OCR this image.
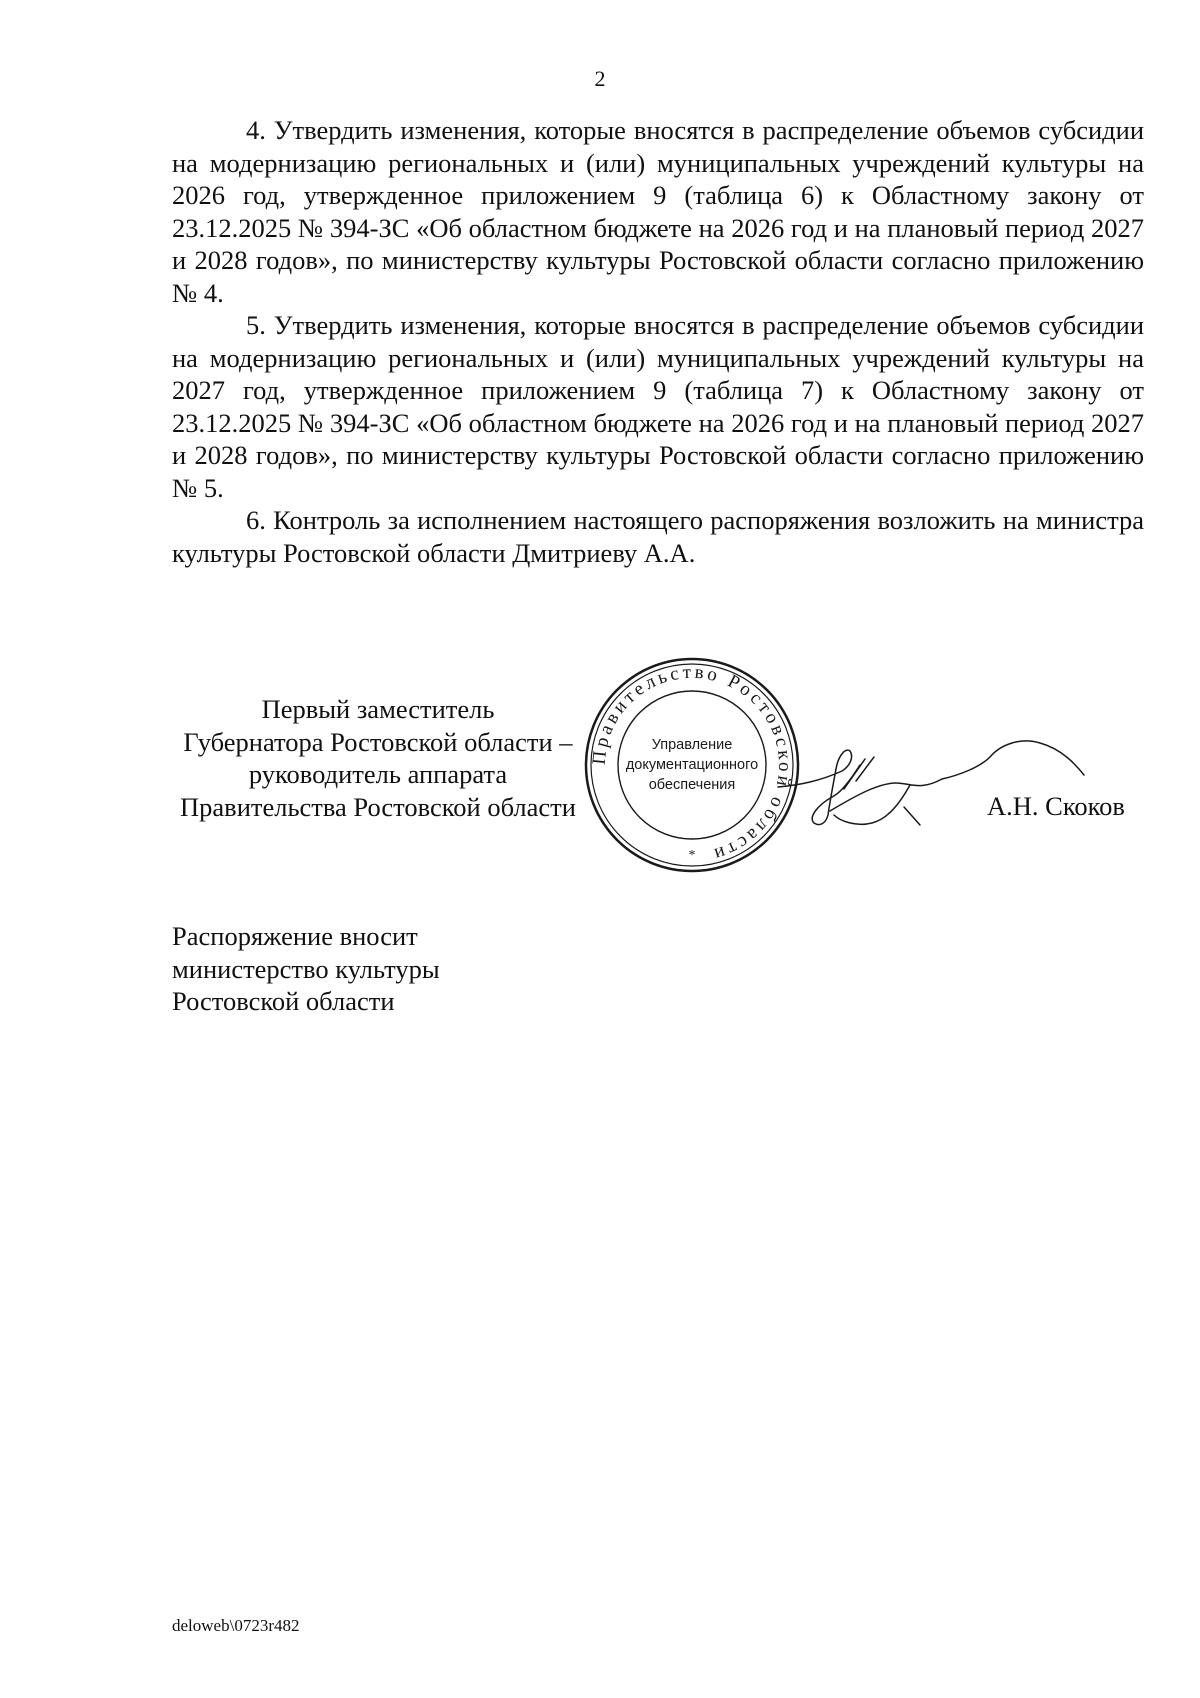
2

4. Утвердить изменения, которые вносятся в распределение объемов субсидии на модернизацию региональных и (или) муниципальных учреждений культуры на 2026 год, утвержденное приложением 9 (таблица 6) к Областному закону от 23.12.2025 № 394-ЗС «Об областном бюджете на 2026 год и на плановый период 2027 и 2028 годов», по министерству культуры Ростовской области согласно приложению № 4.

5. Утвердить изменения, которые вносятся в распределение объемов субсидии на модернизацию региональных и (или) муниципальных учреждений культуры на 2027 год, утвержденное приложением 9 (таблица 7) к Областному закону от 23.12.2025 № 394-ЗС «Об областном бюджете на 2026 год и на плановый период 2027 и 2028 годов», по министерству культуры Ростовской области согласно приложению № 5.

6. Контроль за исполнением настоящего распоряжения возложить на министра культуры Ростовской области Дмитриеву А.А.

Первый заместитель
Губернатора Ростовской области –
руководитель аппарата
Правительства Ростовской области
Правительство Ростовской области
*
Управление
документационного
обеспечения
А.Н. Скоков
Распоряжение вносит
министерство культуры
Ростовской области
deloweb\0723r482
